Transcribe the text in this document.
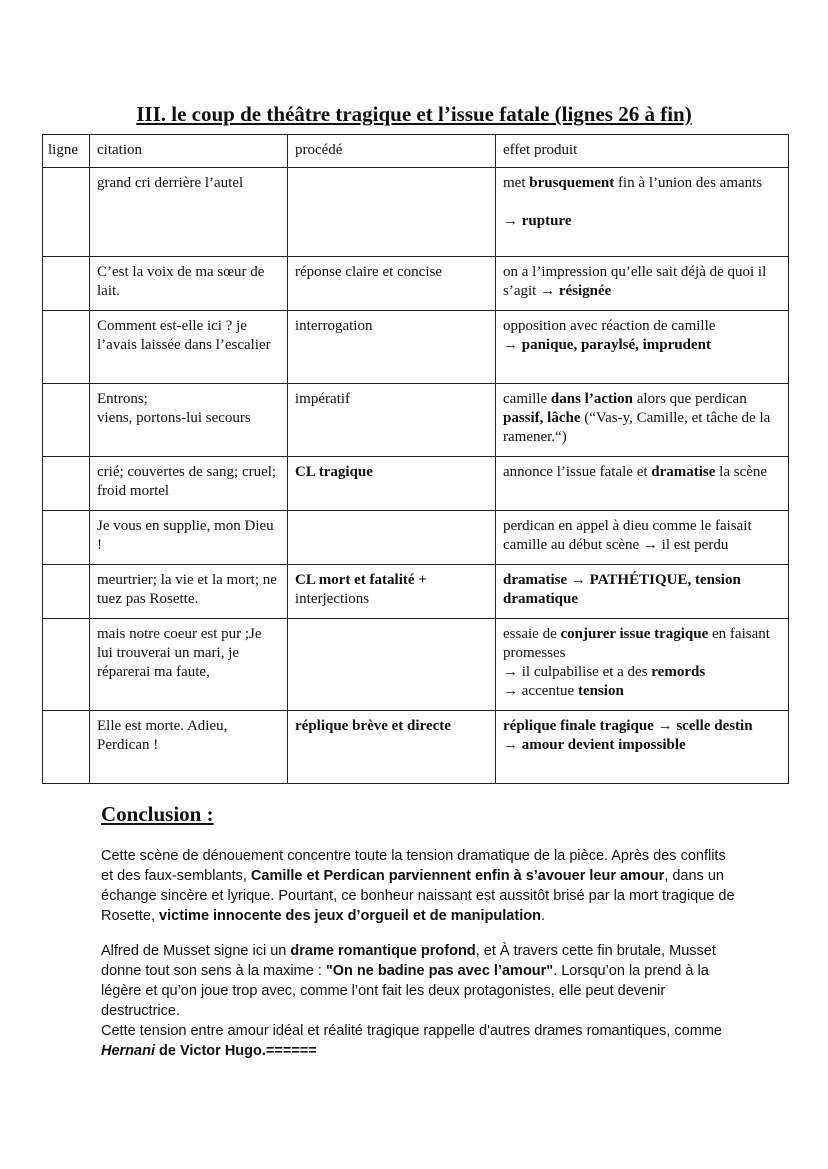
III. le coup de théâtre tragique et l’issue fatale (lignes 26 à fin)
ligne	citation	procédé	effet produit
	grand cri derrière l’autel		met brusquement fin à l’union des amants

→ rupture
	C’est la voix de ma sœur de lait.	réponse claire et concise	on a l’impression qu’elle sait déjà de quoi il s’agit → résignée
	Comment est-elle ici ? je l’avais laissée dans l’escalier	interrogation	opposition avec réaction de camille
→ panique, paraylsé, imprudent
	Entrons;
viens, portons-lui secours	impératif	camille dans l’action alors que perdican passif, lâche (“Vas-y, Camille, et tâche de la ramener.“)
	crié; couvertes de sang; cruel; froid mortel	CL tragique	annonce l’issue fatale et dramatise la scène
	Je vous en supplie, mon Dieu !		perdican en appel à dieu comme le faisait camille au début scène → il est perdu
	meurtrier; la vie et la mort; ne tuez pas Rosette.	CL mort et fatalité + interjections	dramatise → PATHÉTIQUE, tension dramatique
	mais notre coeur est pur ;Je lui trouverai un mari, je réparerai ma faute,		essaie de conjurer issue tragique en faisant promesses
→ il culpabilise et a des remords
→ accentue tension
	Elle est morte. Adieu, Perdican !	réplique brève et directe	réplique finale tragique → scelle destin
→ amour devient impossible
Conclusion :

Cette scène de dénouement concentre toute la tension dramatique de la pièce. Après des conflits et des faux-semblants, Camille et Perdican parviennent enfin à s’avouer leur amour, dans un échange sincère et lyrique. Pourtant, ce bonheur naissant est aussitôt brisé par la mort tragique de Rosette, victime innocente des jeux d’orgueil et de manipulation.

Alfred de Musset signe ici un drame romantique profond, et À travers cette fin brutale, Musset donne tout son sens à la maxime : "On ne badine pas avec l’amour". Lorsqu’on la prend à la légère et qu’on joue trop avec, comme l’ont fait les deux protagonistes, elle peut devenir destructrice.
Cette tension entre amour idéal et réalité tragique rappelle d'autres drames romantiques, comme Hernani de Victor Hugo.======
